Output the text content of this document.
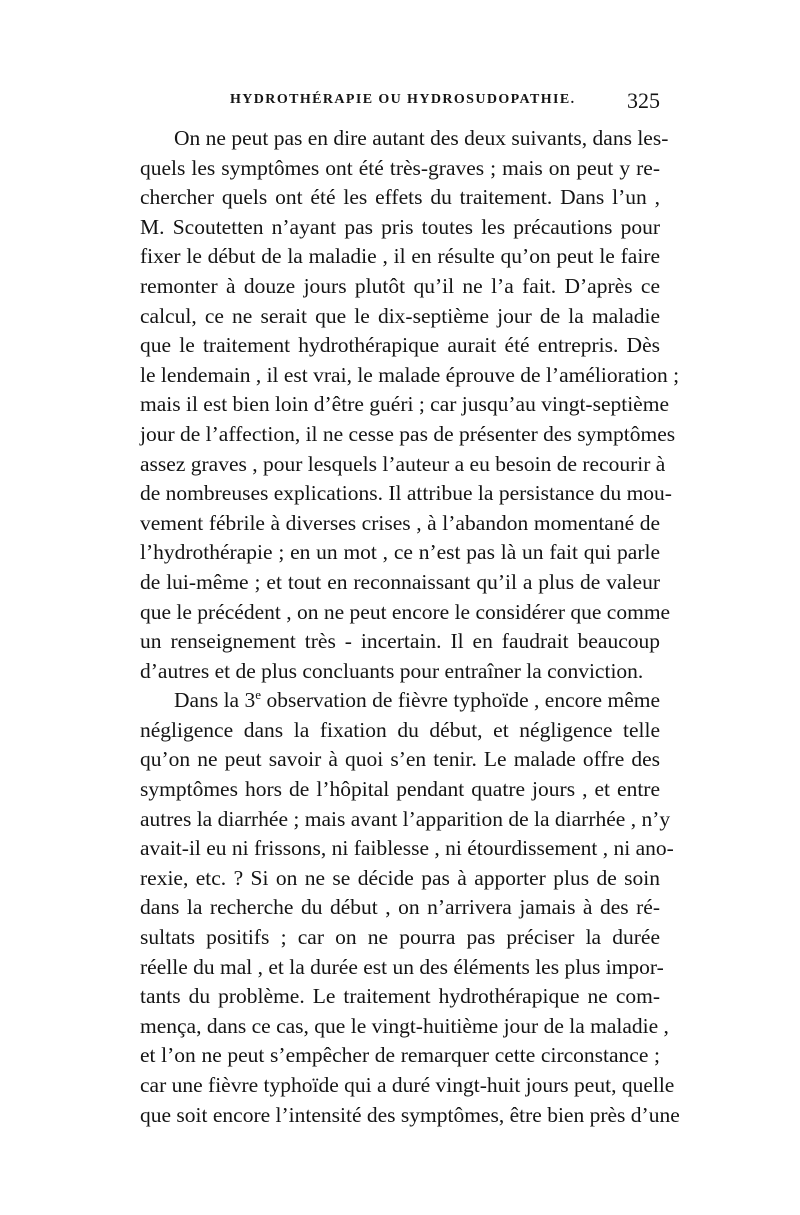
HYDROTHÉRAPIE OU HYDROSUDOPATHIE. 325
On ne peut pas en dire autant des deux suivants, dans les-
quels les symptômes ont été très-graves ; mais on peut y re-
chercher quels ont été les effets du traitement. Dans l’un ,
M. Scoutetten n’ayant pas pris toutes les précautions pour
fixer le début de la maladie , il en résulte qu’on peut le faire
remonter à douze jours plutôt qu’il ne l’a fait. D’après ce
calcul, ce ne serait que le dix-septième jour de la maladie
que le traitement hydrothérapique aurait été entrepris. Dès
le lendemain , il est vrai, le malade éprouve de l’amélioration ;
mais il est bien loin d’être guéri ; car jusqu’au vingt-septième
jour de l’affection, il ne cesse pas de présenter des symptômes
assez graves , pour lesquels l’auteur a eu besoin de recourir à
de nombreuses explications. Il attribue la persistance du mou-
vement fébrile à diverses crises , à l’abandon momentané de
l’hydrothérapie ; en un mot , ce n’est pas là un fait qui parle
de lui-même ; et tout en reconnaissant qu’il a plus de valeur
que le précédent , on ne peut encore le considérer que comme
un renseignement très - incertain. Il en faudrait beaucoup
d’autres et de plus concluants pour entraîner la conviction.
Dans la 3e observation de fièvre typhoïde , encore même
négligence dans la fixation du début, et négligence telle
qu’on ne peut savoir à quoi s’en tenir. Le malade offre des
symptômes hors de l’hôpital pendant quatre jours , et entre
autres la diarrhée ; mais avant l’apparition de la diarrhée , n’y
avait-il eu ni frissons, ni faiblesse , ni étourdissement , ni ano-
rexie, etc. ? Si on ne se décide pas à apporter plus de soin
dans la recherche du début , on n’arrivera jamais à des ré-
sultats positifs ; car on ne pourra pas préciser la durée
réelle du mal , et la durée est un des éléments les plus impor-
tants du problème. Le traitement hydrothérapique ne com-
mença, dans ce cas, que le vingt-huitième jour de la maladie ,
et l’on ne peut s’empêcher de remarquer cette circonstance ;
car une fièvre typhoïde qui a duré vingt-huit jours peut, quelle
que soit encore l’intensité des symptômes, être bien près d’une
